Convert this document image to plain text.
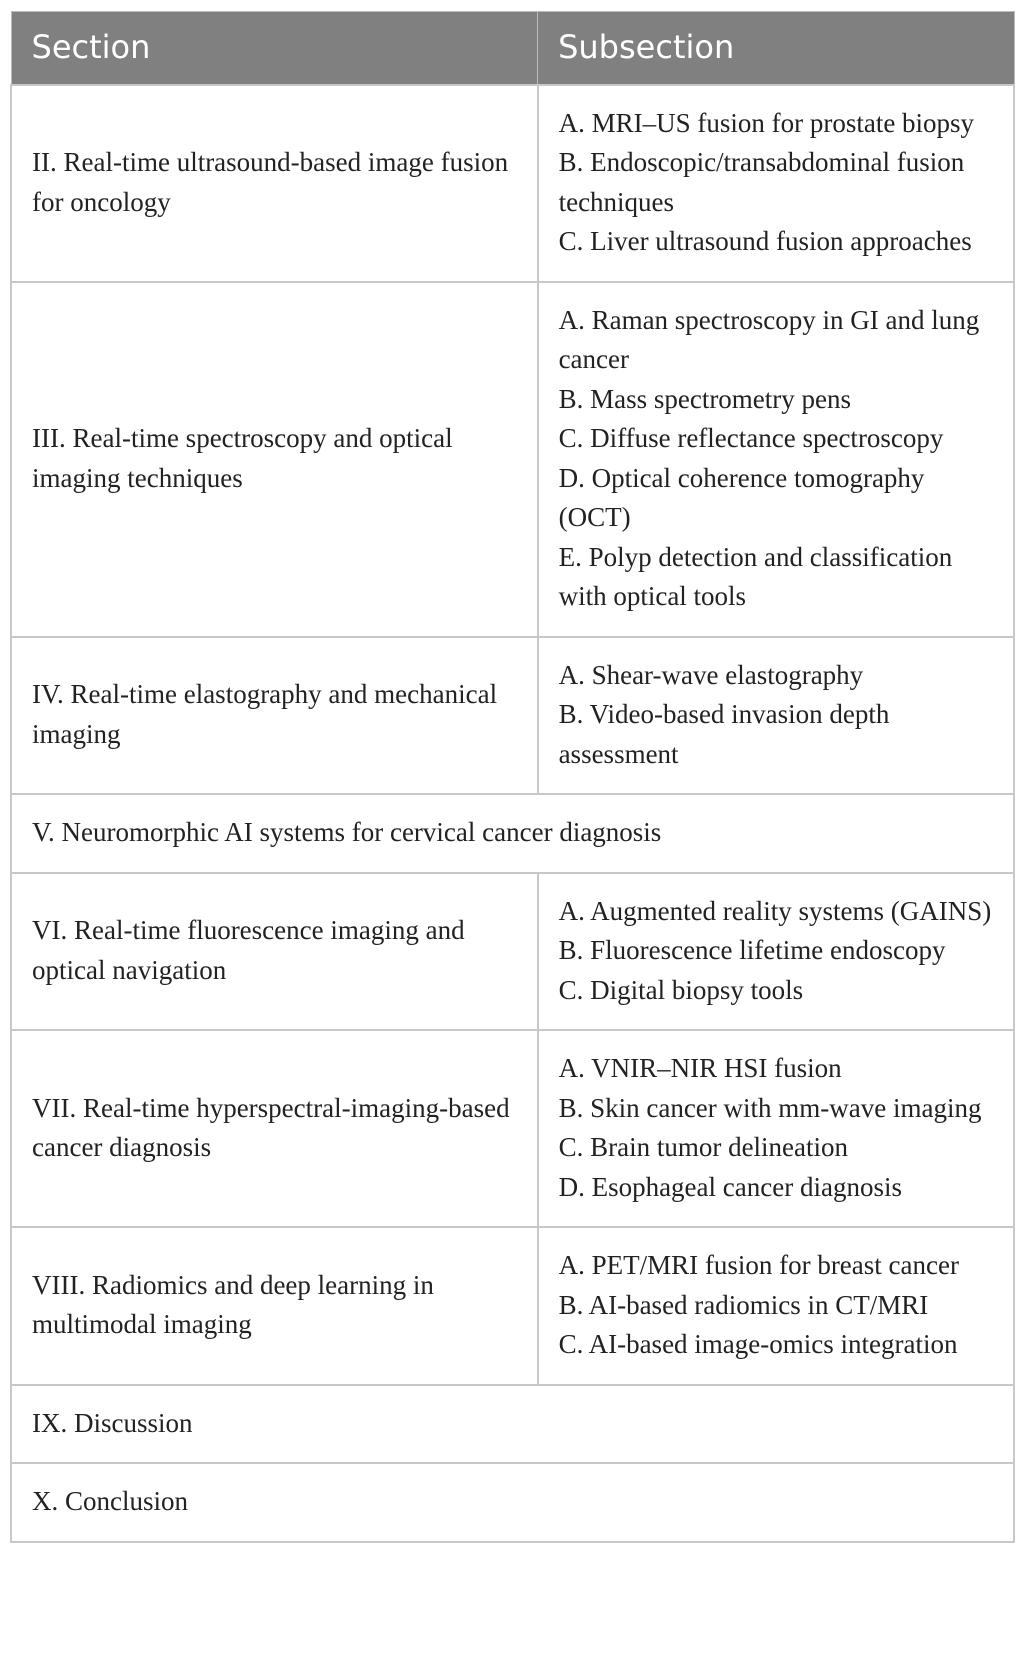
Section	Subsection
II. Real-time ultrasound-based image fusion for oncology	A. MRI–US fusion for prostate biopsy
B. Endoscopic/transabdominal fusion techniques
C. Liver ultrasound fusion approaches

III. Real-time spectroscopy and optical imaging techniques	A. Raman spectroscopy in GI and lung cancer
B. Mass spectrometry pens
C. Diffuse reflectance spectroscopy
D. Optical coherence tomography (OCT)
E. Polyp detection and classification with optical tools

IV. Real-time elastography and mechanical imaging	A. Shear-wave elastography
B. Video-based invasion depth assessment

V. Neuromorphic AI systems for cervical cancer diagnosis	
VI. Real-time fluorescence imaging and optical navigation	A. Augmented reality systems (GAINS)
B. Fluorescence lifetime endoscopy
C. Digital biopsy tools

VII. Real-time hyperspectral-imaging-based cancer diagnosis	A. VNIR–NIR HSI fusion
B. Skin cancer with mm-wave imaging
C. Brain tumor delineation
D. Esophageal cancer diagnosis

VIII. Radiomics and deep learning in multimodal imaging	A. PET/MRI fusion for breast cancer
B. AI-based radiomics in CT/MRI
C. AI-based image-omics integration

IX. Discussion	
X. Conclusion	
